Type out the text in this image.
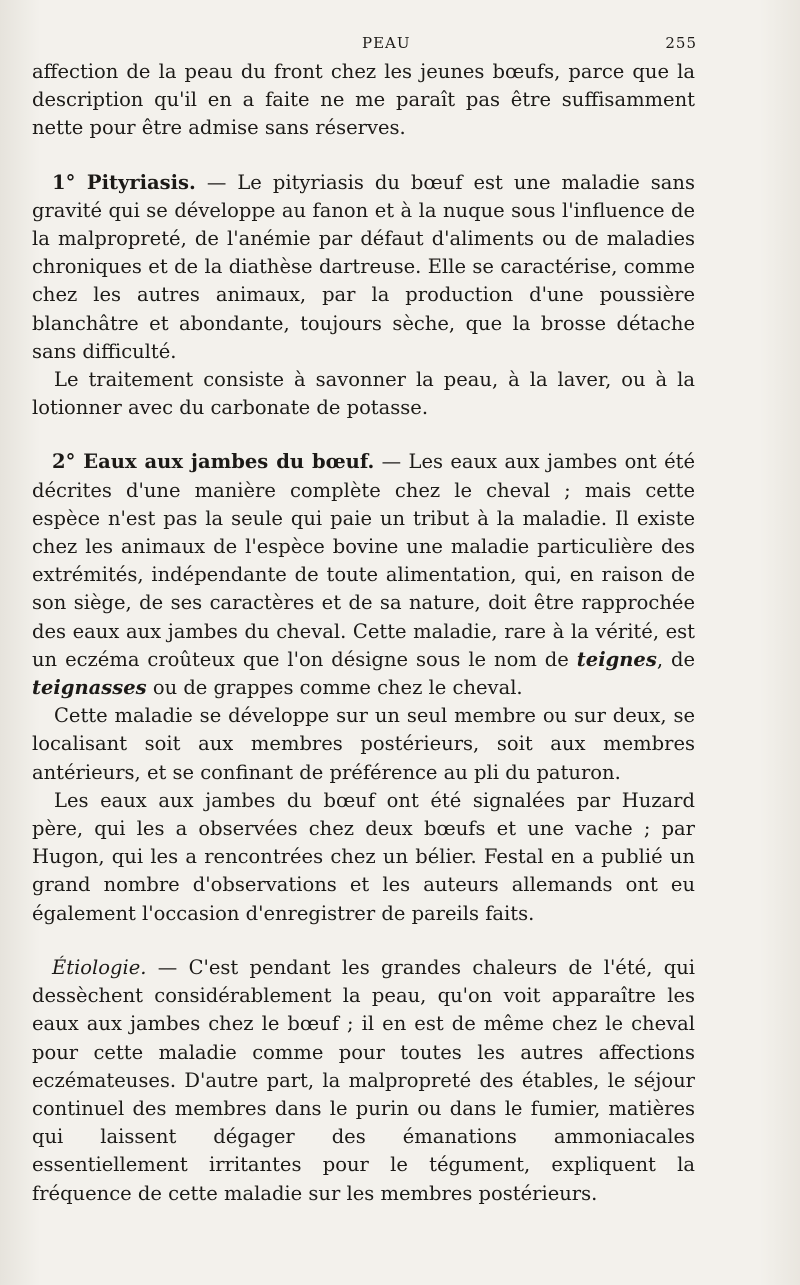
PEAU	255

affection de la peau du front chez les jeunes bœufs, parce que la description qu'il en a faite ne me paraît pas être suffisamment nette pour être admise sans réserves.

1° Pityriasis. — Le pityriasis du bœuf est une maladie sans gravité qui se développe au fanon et à la nuque sous l'influence de la malpropreté, de l'anémie par défaut d'aliments ou de maladies chroniques et de la diathèse dartreuse. Elle se caractérise, comme chez les autres animaux, par la production d'une poussière blanchâtre et abondante, toujours sèche, que la brosse détache sans difficulté.

Le traitement consiste à savonner la peau, à la laver, ou à la lotionner avec du carbonate de potasse.

2° Eaux aux jambes du bœuf. — Les eaux aux jambes ont été décrites d'une manière complète chez le cheval ; mais cette espèce n'est pas la seule qui paie un tribut à la maladie. Il existe chez les animaux de l'espèce bovine une maladie particulière des extrémités, indépendante de toute alimentation, qui, en raison de son siège, de ses caractères et de sa nature, doit être rapprochée des eaux aux jambes du cheval. Cette maladie, rare à la vérité, est un eczéma croûteux que l'on désigne sous le nom de teignes, de teignasses ou de grappes comme chez le cheval.

Cette maladie se développe sur un seul membre ou sur deux, se localisant soit aux membres postérieurs, soit aux membres antérieurs, et se confinant de préférence au pli du paturon.

Les eaux aux jambes du bœuf ont été signalées par Huzard père, qui les a observées chez deux bœufs et une vache ; par Hugon, qui les a rencontrées chez un bélier. Festal en a publié un grand nombre d'observations et les auteurs allemands ont eu également l'occasion d'enregistrer de pareils faits.

Étiologie. — C'est pendant les grandes chaleurs de l'été, qui dessèchent considérablement la peau, qu'on voit apparaître les eaux aux jambes chez le bœuf ; il en est de même chez le cheval pour cette maladie comme pour toutes les autres affections eczémateuses. D'autre part, la malpropreté des étables, le séjour continuel des membres dans le purin ou dans le fumier, matières qui laissent dégager des émanations ammoniacales essentiellement irritantes pour le tégument, expliquent la fréquence de cette maladie sur les membres postérieurs.
